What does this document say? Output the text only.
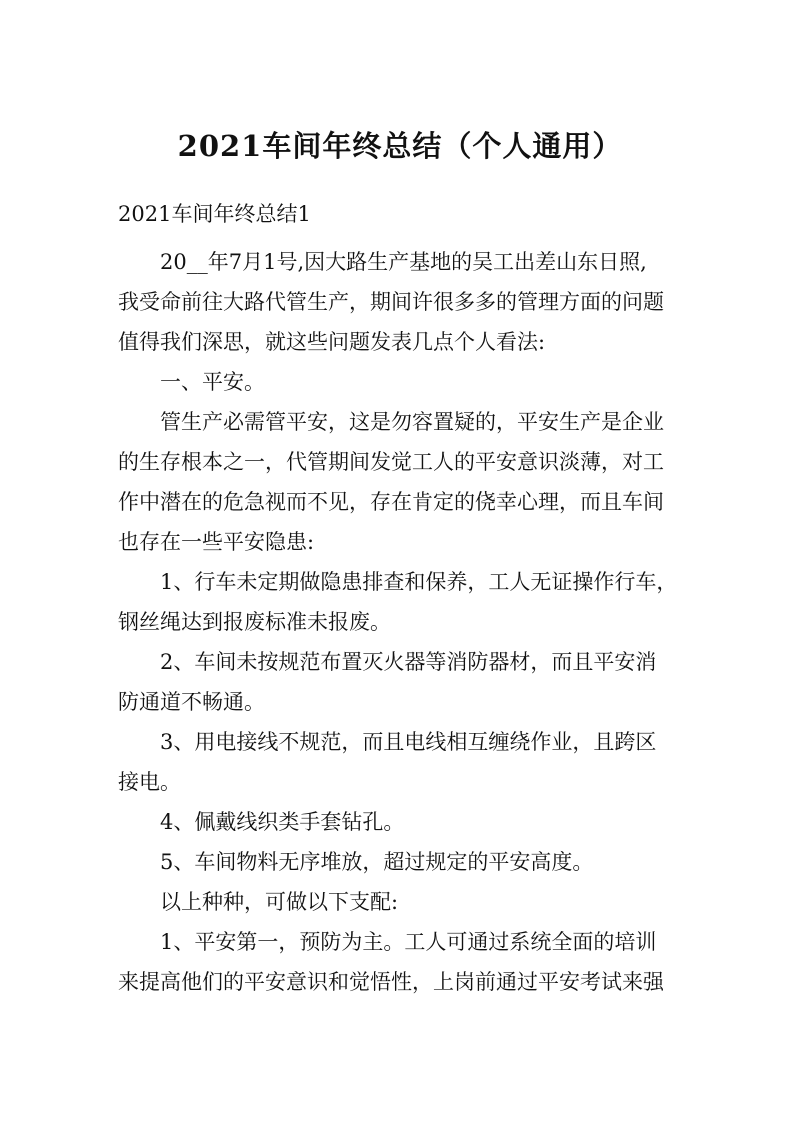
2021车间年终总结（个人通用）
2021车间年终总结1

20__年7月1号,因大路生产基地的吴工出差山东日照,
我受命前往大路代管生产，期间许很多多的管理方面的问题
值得我们深思，就这些问题发表几点个人看法:

一、平安。

管生产必需管平安，这是勿容置疑的，平安生产是企业
的生存根本之一，代管期间发觉工人的平安意识淡薄，对工
作中潜在的危急视而不见，存在肯定的侥幸心理，而且车间
也存在一些平安隐患:

1、行车未定期做隐患排查和保养，工人无证操作行车，
钢丝绳达到报废标准未报废。

2、车间未按规范布置灭火器等消防器材，而且平安消
防通道不畅通。

3、用电接线不规范，而且电线相互缠绕作业，且跨区
接电。

4、佩戴线织类手套钻孔。

5、车间物料无序堆放，超过规定的平安高度。

以上种种，可做以下支配:

1、平安第一，预防为主。工人可通过系统全面的培训
来提高他们的平安意识和觉悟性，上岗前通过平安考试来强
